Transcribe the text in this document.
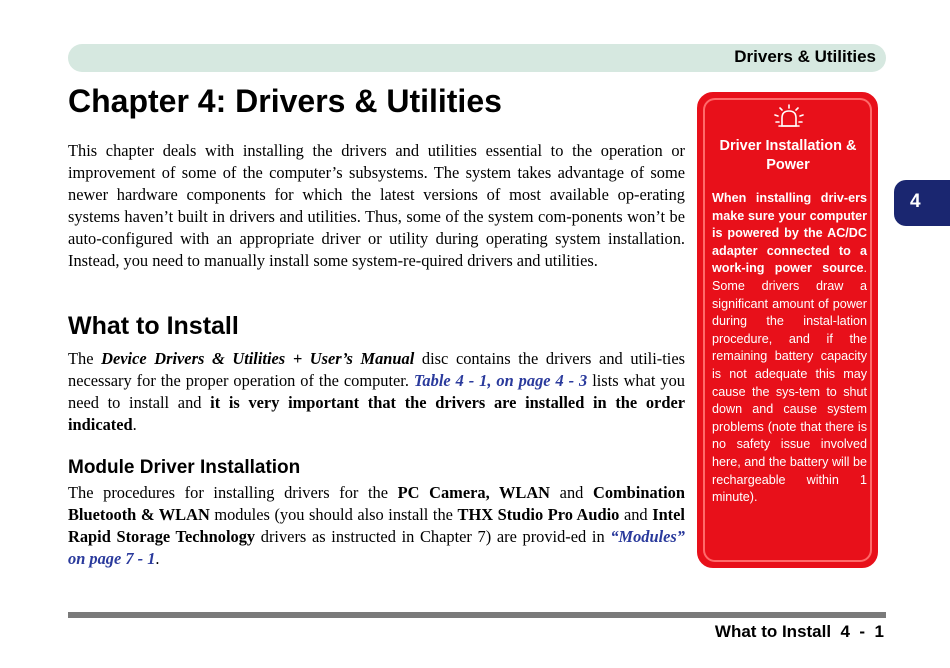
Drivers & Utilities
Chapter 4: Drivers & Utilities

This chapter deals with installing the drivers and utilities essential to the operation or improvement of some of the computer’s subsystems. The system takes advantage of some newer hardware components for which the latest versions of most available op-erating systems haven’t built in drivers and utilities. Thus, some of the system com-ponents won’t be auto-configured with an appropriate driver or utility during operating system installation. Instead, you need to manually install some system-re-quired drivers and utilities.

What to Install

The Device Drivers & Utilities + User’s Manual disc contains the drivers and utili-ties necessary for the proper operation of the computer. Table 4 - 1, on page 4 - 3 lists what you need to install and it is very important that the drivers are installed in the order indicated.

Module Driver Installation

The procedures for installing drivers for the PC Camera, WLAN and Combination Bluetooth & WLAN modules (you should also install the THX Studio Pro Audio and Intel Rapid Storage Technology drivers as instructed in Chapter 7) are provid-ed in “Modules” on page 7 - 1.

Driver Installation & Power

When installing driv-ers make sure your computer is powered by the AC/DC adapter connected to a work-ing power source. Some drivers draw a significant amount of power during the instal-lation procedure, and if the remaining battery capacity is not adequate this may cause the sys-tem to shut down and cause system problems (note that there is no safety issue involved here, and the battery will be rechargeable within 1 minute).

4
What to Install  4  -  1
